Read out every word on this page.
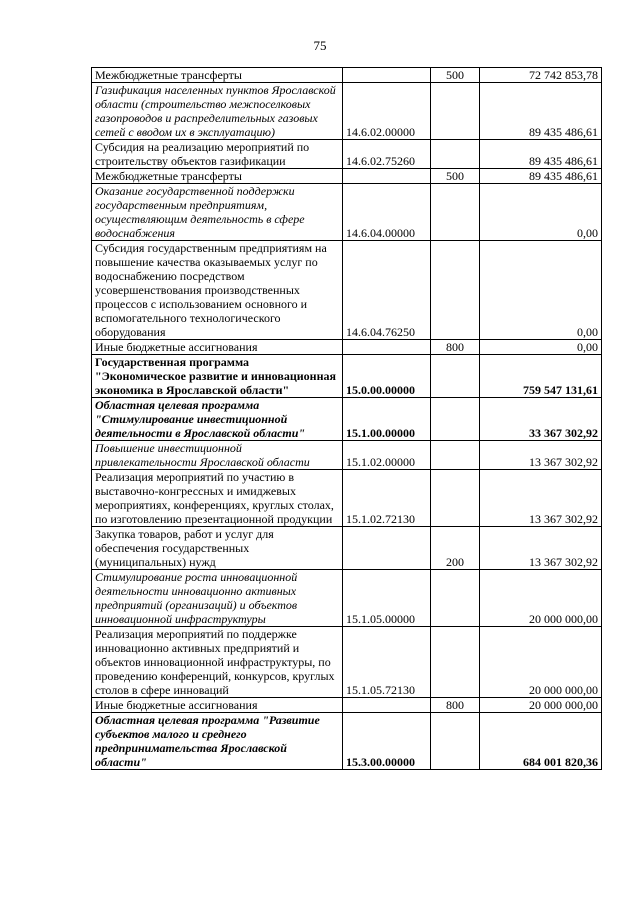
75
Межбюджетные трансферты		500	72 742 853,78
Газификация населенных пунктов Ярославской области (строительство межпоселковых газопроводов и распределительных газовых сетей с вводом их в эксплуатацию)	14.6.02.00000		89 435 486,61
Субсидия на реализацию мероприятий по строительству объектов газификации	14.6.02.75260		89 435 486,61
Межбюджетные трансферты		500	89 435 486,61
Оказание государственной поддержки государственным предприятиям, осуществляющим деятельность в сфере водоснабжения	14.6.04.00000		0,00
Субсидия государственным предприятиям на повышение качества оказываемых услуг по водоснабжению посредством усовершенствования производственных процессов с использованием основного и вспомогательного технологического оборудования	14.6.04.76250		0,00
Иные бюджетные ассигнования		800	0,00
Государственная программа "Экономическое развитие и инновационная экономика в Ярославской области"	15.0.00.00000		759 547 131,61
Областная целевая программа "Стимулирование инвестиционной деятельности в Ярославской области"	15.1.00.00000		33 367 302,92
Повышение инвестиционной привлекательности Ярославской области	15.1.02.00000		13 367 302,92
Реализация мероприятий по участию в выставочно-конгрессных и имиджевых мероприятиях, конференциях, круглых столах, по изготовлению презентационной продукции	15.1.02.72130		13 367 302,92
Закупка товаров, работ и услуг для обеспечения государственных (муниципальных) нужд		200	13 367 302,92
Стимулирование роста инновационной деятельности инновационно активных предприятий (организаций) и объектов инновационной инфраструктуры	15.1.05.00000		20 000 000,00
Реализация мероприятий по поддержке инновационно активных предприятий и объектов инновационной инфраструктуры, по проведению конференций, конкурсов, круглых столов в сфере инноваций	15.1.05.72130		20 000 000,00
Иные бюджетные ассигнования		800	20 000 000,00
Областная целевая программа "Развитие субъектов малого и среднего предпринимательства Ярославской области"	15.3.00.00000		684 001 820,36
